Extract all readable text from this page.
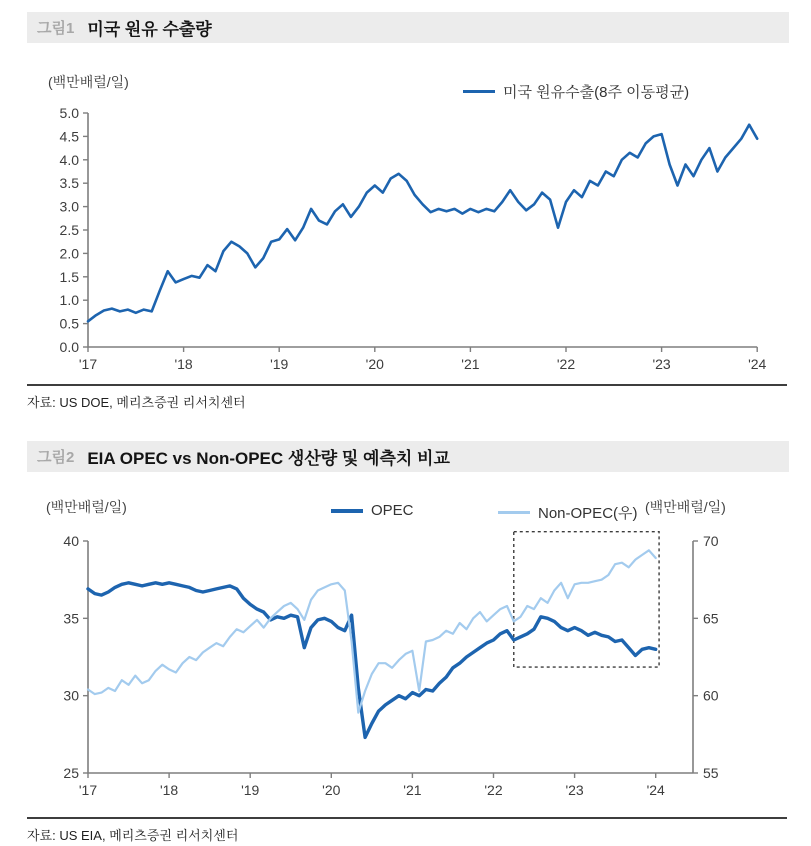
그림1 미국 원유 수출량
(백만배럴/일)
미국 원유수출(8주 이동평균)
0.0
0.5
1.0
1.5
2.0
2.5
3.0
3.5
4.0
4.5
5.0
'17	'18	'19	'20	'21	'22	'23	'24
자료: US DOE, 메리츠증권 리서치센터
그림2 EIA OPEC vs Non-OPEC 생산량 및 예측치 비교
(백만배럴/일)	OPEC	Non-OPEC(우) (백만배럴/일)
25
30
35
40
55
60
65
70
'17	'18	'19	'20	'21	'22	'23	'24
자료: US EIA, 메리츠증권 리서치센터
